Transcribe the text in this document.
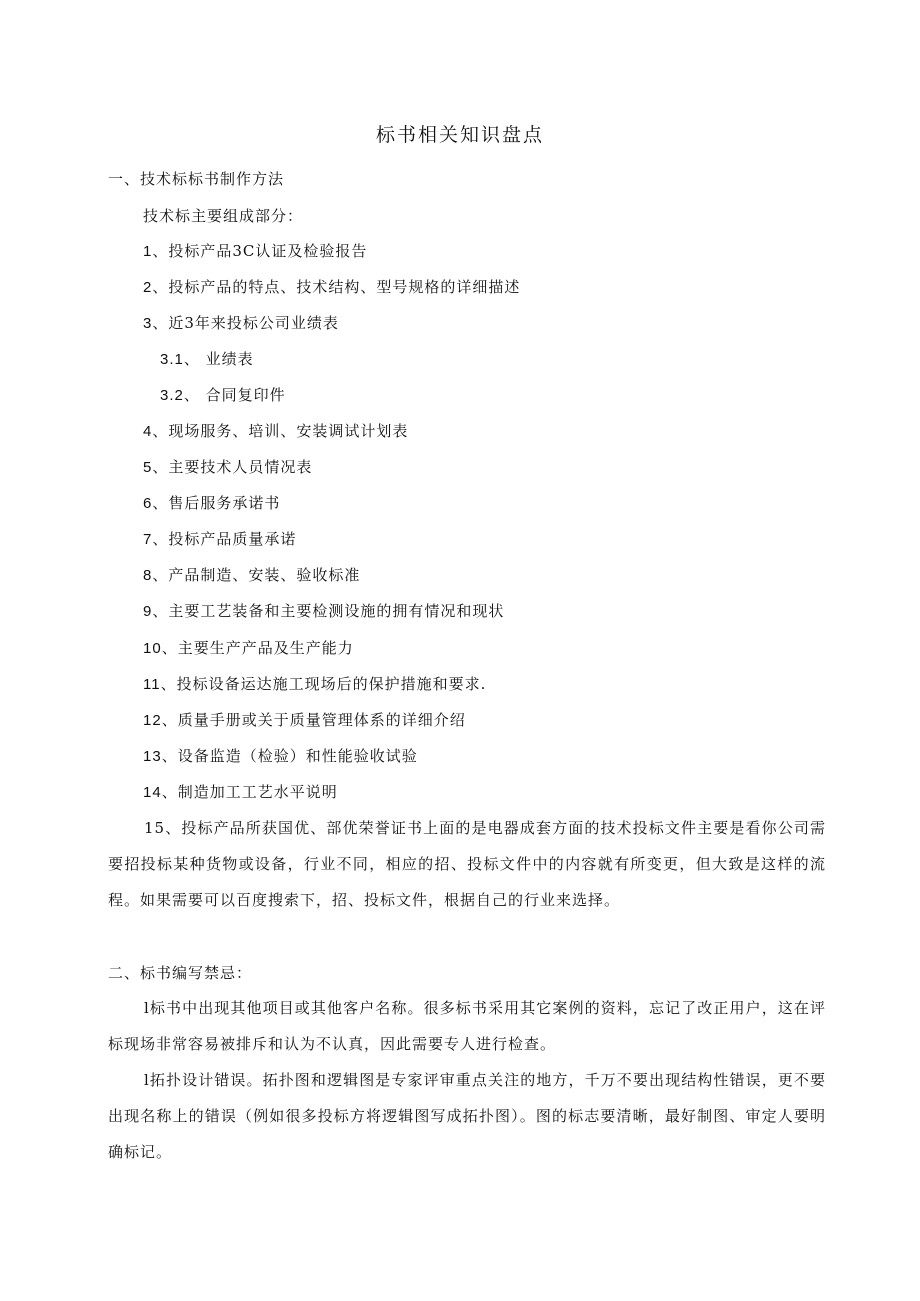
标书相关知识盘点
一、技术标标书制作方法
技术标主要组成部分：
1、投标产品3C认证及检验报告
2、投标产品的特点、技术结构、型号规格的详细描述
3、近3年来投标公司业绩表
3.1、 业绩表
3.2、 合同复印件
4、现场服务、培训、安装调试计划表
5、主要技术人员情况表
6、售后服务承诺书
7、投标产品质量承诺
8、产品制造、安装、验收标准
9、主要工艺装备和主要检测设施的拥有情况和现状
10、主要生产产品及生产能力
11、投标设备运达施工现场后的保护措施和要求.
12、质量手册或关于质量管理体系的详细介绍
13、设备监造（检验）和性能验收试验
14、制造加工工艺水平说明
15、投标产品所获国优、部优荣誉证书上面的是电器成套方面的技术投标文件主要是看你公司需要招投标某种货物或设备，行业不同，相应的招、投标文件中的内容就有所变更，但大致是这样的流程。如果需要可以百度搜索下，招、投标文件，根据自己的行业来选择。
二、标书编写禁忌：
l标书中出现其他项目或其他客户名称。很多标书采用其它案例的资料，忘记了改正用户，这在评标现场非常容易被排斥和认为不认真，因此需要专人进行检查。
l拓扑设计错误。拓扑图和逻辑图是专家评审重点关注的地方，千万不要出现结构性错误，更不要出现名称上的错误（例如很多投标方将逻辑图写成拓扑图）。图的标志要清晰，最好制图、审定人要明确标记。
